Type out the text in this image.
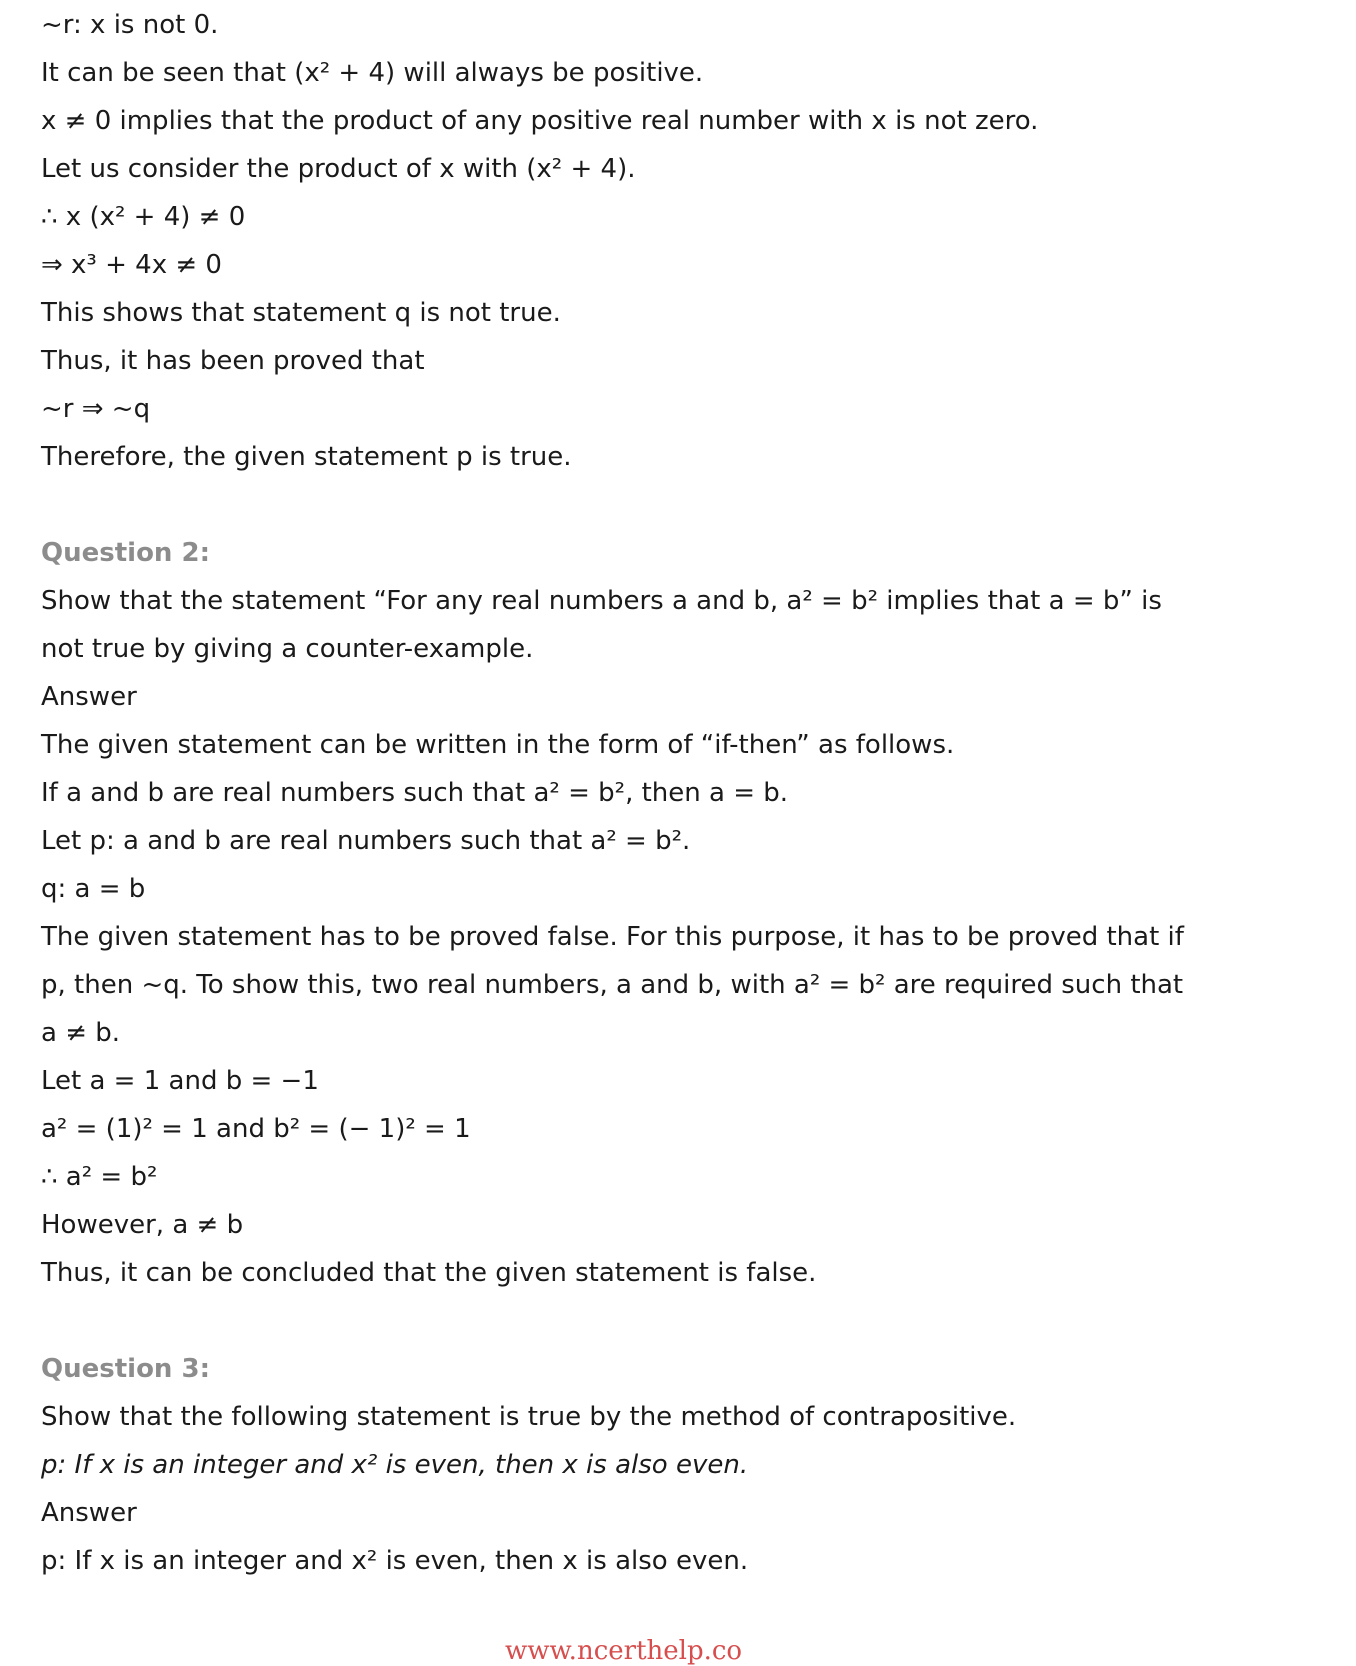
~r: x is not 0.
It can be seen that (x² + 4) will always be positive.
x ≠ 0 implies that the product of any positive real number with x is not zero.
Let us consider the product of x with (x² + 4).
∴ x (x² + 4) ≠ 0
⇒ x³ + 4x ≠ 0
This shows that statement q is not true.
Thus, it has been proved that
~r ⇒ ~q
Therefore, the given statement p is true.
Question 2:
Show that the statement “For any real numbers a and b, a² = b² implies that a = b” is
not true by giving a counter-example.
Answer
The given statement can be written in the form of “if-then” as follows.
If a and b are real numbers such that a² = b², then a = b.
Let p: a and b are real numbers such that a² = b².
q: a = b
The given statement has to be proved false. For this purpose, it has to be proved that if
p, then ~q. To show this, two real numbers, a and b, with a² = b² are required such that
a ≠ b.
Let a = 1 and b = −1
a² = (1)² = 1 and b² = (− 1)² = 1
∴ a² = b²
However, a ≠ b
Thus, it can be concluded that the given statement is false.
Question 3:
Show that the following statement is true by the method of contrapositive.
p: If x is an integer and x² is even, then x is also even.
Answer
p: If x is an integer and x² is even, then x is also even.
www.ncerthelp.co
